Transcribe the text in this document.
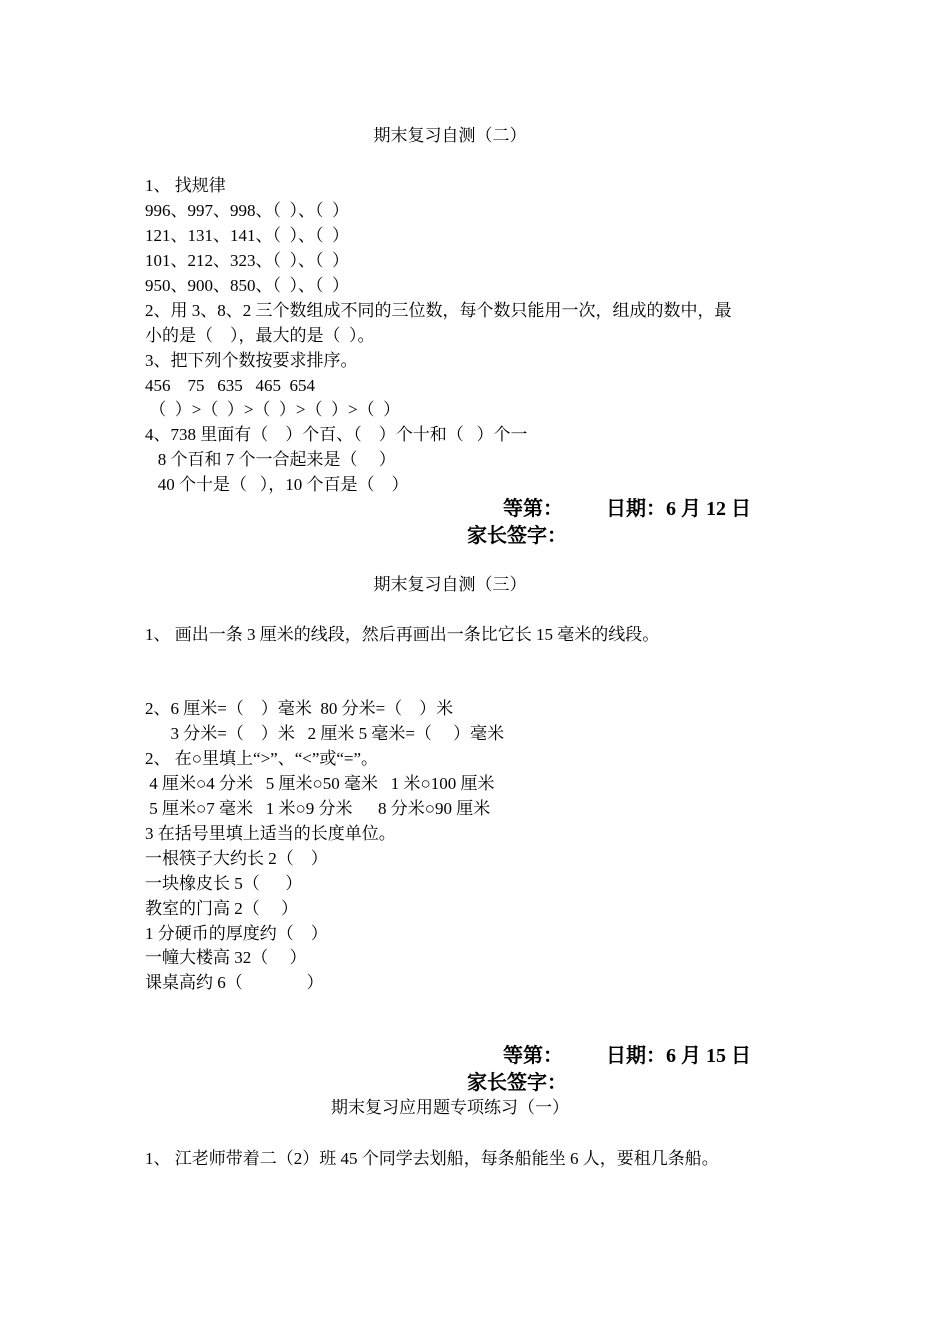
期末复习自测（二）
1、 找规律
996、997、998、（  ）、（  ）
121、131、141、（  ）、（  ）
101、212、323、（  ）、（  ）
950、900、850、（  ）、（  ）
2、用 3、8、2 三个数组成不同的三位数，每个数只能用一次，组成的数中，最
小的是（    ），最大的是（  ）。
3、把下列个数按要求排序。
456    75   635   465  654
（  ）>（  ）>（  ）>（  ）>（  ）
4、738 里面有（    ）个百、（    ）个十和（   ）个一
8 个百和 7 个一合起来是（     ）
40 个十是（   ），10 个百是（    ）
等第： 日期：6 月 12 日
家长签字：
期末复习自测（三）
1、 画出一条 3 厘米的线段，然后再画出一条比它长 15 毫米的线段。
2、6 厘米=（    ）毫米  80 分米=（    ）米
3 分米=（    ）米   2 厘米 5 毫米=（     ）毫米
2、 在○里填上“>”、“<”或“=”。
4 厘米○4 分米   5 厘米○50 毫米   1 米○100 厘米
5 厘米○7 毫米   1 米○9 分米      8 分米○90 厘米
3 在括号里填上适当的长度单位。
一根筷子大约长 2（    ）
一块橡皮长 5（      ）
教室的门高 2（     ）
1 分硬币的厚度约（    ）
一幢大楼高 32（     ）
课桌高约 6（               ）
等第： 日期：6 月 15 日
家长签字：
期末复习应用题专项练习（一）
1、 江老师带着二（2）班 45 个同学去划船，每条船能坐 6 人，要租几条船。
